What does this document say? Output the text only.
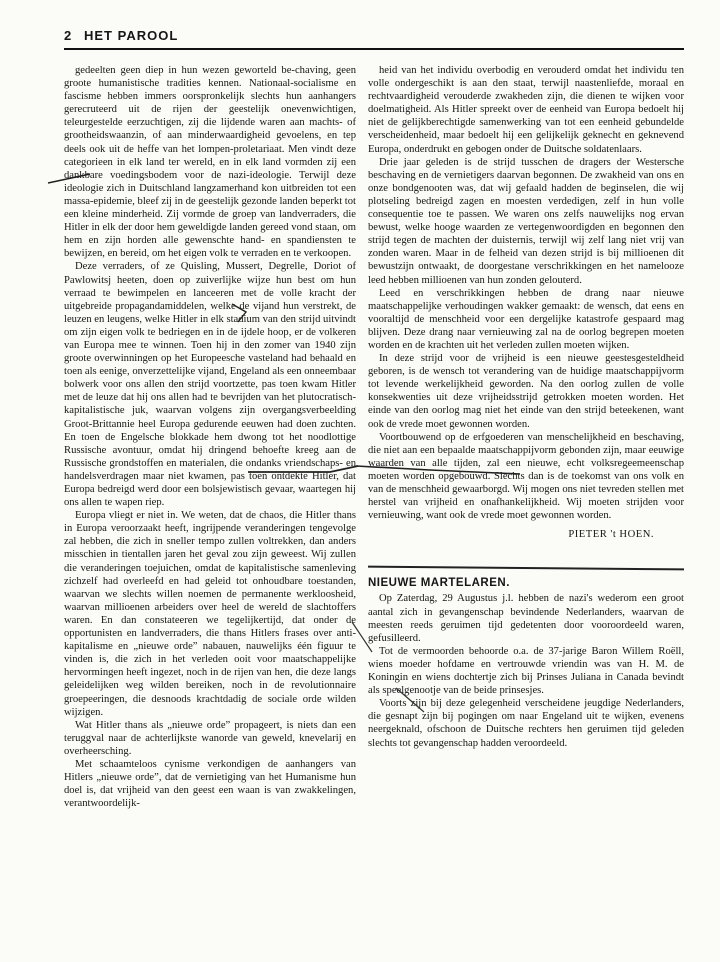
2 HET PAROOL

gedeelten geen diep in hun wezen geworteld be-chaving, geen groote humanistische tradities kennen. Nationaal-socialisme en fascisme hebben immers oorspronkelijk slechts hun aanhangers gerecruteerd uit de rijen der geestelijk onevenwichtigen, teleurgestelde eerzuchtigen, zij die lijdende waren aan machts- of grootheidswaanzin, of aan minderwaardigheid gevoelens, en tep deels ook uit de heffe van het lompen-proletariaat. Men vindt deze categorieen in elk land ter wereld, en in elk land vormden zij een dankbare voedingsbodem voor de nazi-ideologie. Terwijl deze ideologie zich in Duitschland langzamerhand kon uitbreiden tot een massa-epidemie, bleef zij in de geestelijk gezonde landen beperkt tot een kleine minderheid. Zij vormde de groep van landverraders, die Hitler in elk der door hem geweldigde landen gereed vond staan, om hem en zijn horden alle gewenschte hand- en spandiensten te bewijzen, en bereid, om het eigen volk te verraden en te verkoopen.

Deze verraders, of ze Quisling, Mussert, Degrelle, Doriot of Pawlowitsj heeten, doen op zuiverlijke wijze hun best om hun verraad te bewimpelen en lanceeren met de volle kracht der uitgebreide propagandamiddelen, welke de vijand hun verstrekt, de leuzen en leugens, welke Hitler in elk stadium van den strijd uitvindt om zijn eigen volk te bedriegen en in de ijdele hoop, er de volkeren van Europa mee te winnen. Toen hij in den zomer van 1940 zijn groote overwinningen op het Europeesche vasteland had behaald en toen als eenige, onverzettelijke vijand, Engeland als een onneembaar bolwerk voor ons allen den strijd voortzette, pas toen kwam Hitler met de leuze dat hij ons allen had te bevrijden van het plutocratisch-kapitalistische juk, waarvan volgens zijn overgangsverbeelding Groot-Brittannie heel Europa gedurende eeuwen had doen zuchten. En toen de Engelsche blokkade hem dwong tot het noodlottige Russische avontuur, omdat hij dringend behoefte kreeg aan de Russische grondstoffen en materialen, die ondanks vriendschaps- en handelsverdragen maar niet kwamen, pas toen ontdekte Hitler, dat Europa bedreigd werd door een bolsjewistisch gevaar, waartegen hij ons allen te wapen riep.

Europa vliegt er niet in. We weten, dat de chaos, die Hitler thans in Europa veroorzaakt heeft, ingrijpende veranderingen tengevolge zal hebben, die zich in sneller tempo zullen voltrekken, dan anders misschien in tientallen jaren het geval zou zijn geweest. Wij zullen die veranderingen toejuichen, omdat de kapitalistische samenleving zichzelf had overleefd en had geleid tot onhoudbare toestanden, waarvan we slechts willen noemen de permanente werkloosheid, waarvan millioenen arbeiders over heel de wereld de slachtoffers waren. En dan constateeren we tegelijkertijd, dat onder de opportunisten en landverraders, die thans Hitlers frases over anti-kapitalisme en „nieuwe orde” nabauen, nauwelijks één figuur te vinden is, die zich in het verleden ooit voor maatschappelijke hervormingen heeft ingezet, noch in de rijen van hen, die deze langs geleidelijken weg wilden bereiken, noch in de revolutionnaire groepeeringen, die desnoods krachtdadig de sociale orde wilden wijzigen.

Wat Hitler thans als „nieuwe orde” propageert, is niets dan een teruggval naar de achterlijkste wanorde van geweld, knevelarij en overheersching.

Met schaamteloos cynisme verkondigen de aanhangers van Hitlers „nieuwe orde”, dat de vernietiging van het Humanisme hun doel is, dat vrijheid van den geest een waan is van zwakkelingen, verantwoordelijk-

heid van het individu overbodig en verouderd omdat het individu ten volle ondergeschikt is aan den staat, terwijl naastenliefde, moraal en rechtvaardigheid verouderde zwakheden zijn, die dienen te wijken voor doelmatigheid. Als Hitler spreekt over de eenheid van Europa bedoelt hij niet de gelijkberechtigde samenwerking van tot een eenheid gebundelde verscheidenheid, maar bedoelt hij een gelijkelijk geknecht en geknevend Europa, onderdrukt en gebogen onder de Duitsche soldatenlaars.

Drie jaar geleden is de strijd tusschen de dragers der Westersche beschaving en de vernietigers daarvan begonnen. De zwakheid van ons en onze bondgenooten was, dat wij gefaald hadden de beginselen, die wij plotseling bedreigd zagen en moesten verdedigen, zelf in hun volle consequentie toe te passen. We waren ons zelfs nauwelijks nog ervan bewust, welke hooge waarden ze vertegenwoordigden en begonnen den strijd tegen de machten der duisternis, terwijl wij zelf lang niet vrij van zonden waren. Maar in de felheid van dezen strijd is bij millioenen dit bewustzijn ontwaakt, de doorgestane verschrikkingen en het namelooze leed hebben millioenen van hun zonden gelouterd.

Leed en verschrikkingen hebben de drang naar nieuwe maatschappelijke verhoudingen wakker gemaakt: de wensch, dat eens en vooraltijd de menschheid voor een dergelijke katastrofe gespaard mag blijven. Deze drang naar vernieuwing zal na de oorlog begrepen moeten worden en de krachten uit het verleden zullen moeten wijken.

In deze strijd voor de vrijheid is een nieuwe geestesgesteldheid geboren, is de wensch tot verandering van de huidige maatschappijvorm tot levende werkelijkheid geworden. Na den oorlog zullen de volle konsekwenties uit deze vrijheidsstrijd getrokken moeten worden. Het einde van den oorlog mag niet het einde van den strijd beteekenen, want ook de vrede moet gewonnen worden.

Voortbouwend op de erfgoederen van menschelijkheid en beschaving, die niet aan een bepaalde maatschappijvorm gebonden zijn, maar eeuwige waarden van alle tijden, zal een nieuwe, echt volksregeemeenschap moeten worden opgebouwd. Slechts dan is de toekomst van ons volk en van de menschheid gewaarborgd. Wij mogen ons niet tevreden stellen met herstel van vrijheid en onafhankelijkheid. Wij moeten strijden voor vernieuwing, want ook de vrede moet gewonnen worden.

PIETER 't HOEN.
NIEUWE MARTELAREN.

Op Zaterdag, 29 Augustus j.l. hebben de nazi's wederom een groot aantal zich in gevangenschap bevindende Nederlanders, waarvan de meesten reeds geruimen tijd gedetenten door vooroordeeld waren, gefusilleerd.

Tot de vermoorden behoorde o.a. de 37-jarige Baron Willem Roëll, wiens moeder hofdame en vertrouwde vriendin was van H. M. de Koningin en wiens dochtertje zich bij Prinses Juliana in Canada bevindt als speelgenootje van de beide prinsesjes.

Voorts zijn bij deze gelegenheid verscheidene jeugdige Nederlanders, die gesnapt zijn bij pogingen om naar Engeland uit te wijken, evenens neergeknald, ofschoon de Duitsche rechters hen geruimen tijd geleden slechts tot gevangenschap hadden veroordeeld.
